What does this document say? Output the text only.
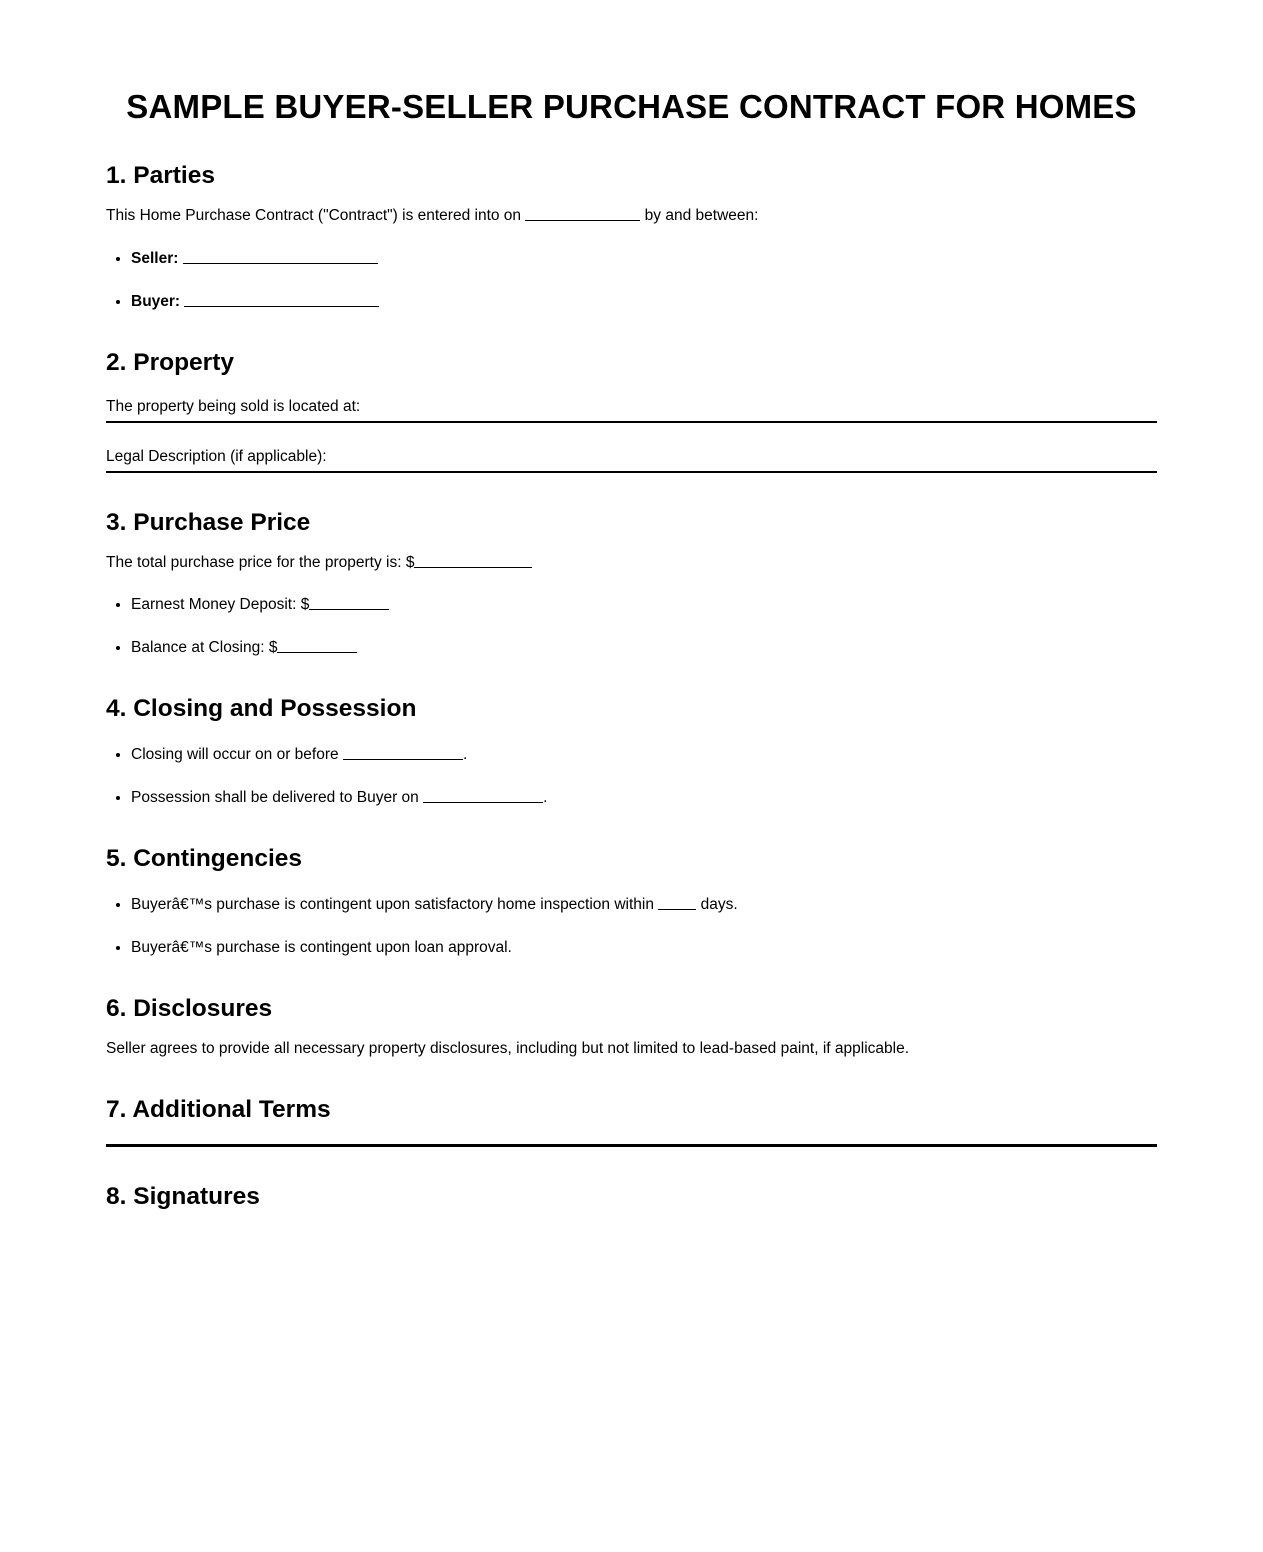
SAMPLE BUYER-SELLER PURCHASE CONTRACT FOR HOMES
1. Parties

This Home Purchase Contract ("Contract") is entered into on	by and between:

• Seller:
• Buyer:
2. Property

The property being sold is located at:

Legal Description (if applicable):

3. Purchase Price

The total purchase price for the property is: $

• Earnest Money Deposit: $
• Balance at Closing: $
4. Closing and Possession
• Closing will occur on or before	.
• Possession shall be delivered to Buyer on	.
5. Contingencies
• Buyerâ€™s purchase is contingent upon satisfactory home inspection within	days.
• Buyerâ€™s purchase is contingent upon loan approval.
6. Disclosures

Seller agrees to provide all necessary property disclosures, including but not limited to lead-based paint, if applicable.

7. Additional Terms
8. Signatures
